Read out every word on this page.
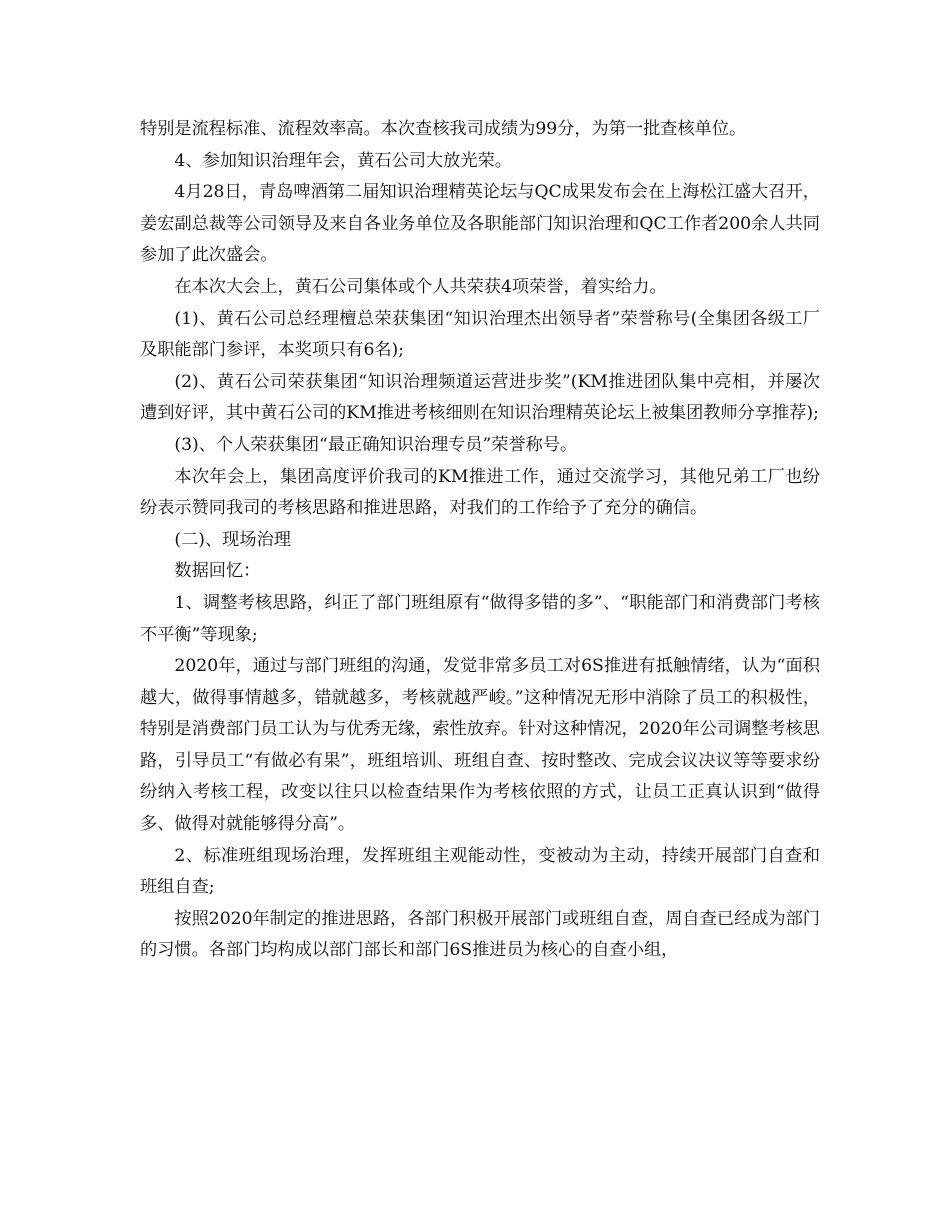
特别是流程标准、流程效率高。本次查核我司成绩为99分，为第一批查核单位。

4、参加知识治理年会，黄石公司大放光荣。

4月28日，青岛啤酒第二届知识治理精英论坛与QC成果发布会在上海松江盛大召开，姜宏副总裁等公司领导及来自各业务单位及各职能部门知识治理和QC工作者200余人共同参加了此次盛会。

在本次大会上，黄石公司集体或个人共荣获4项荣誉，着实给力。

(1)、黄石公司总经理檀总荣获集团“知识治理杰出领导者”荣誉称号(全集团各级工厂及职能部门参评，本奖项只有6名);

(2)、黄石公司荣获集团“知识治理频道运营进步奖”(KM推进团队集中亮相，并屡次遭到好评，其中黄石公司的KM推进考核细则在知识治理精英论坛上被集团教师分享推荐);

(3)、个人荣获集团“最正确知识治理专员”荣誉称号。

本次年会上，集团高度评价我司的KM推进工作，通过交流学习，其他兄弟工厂也纷纷表示赞同我司的考核思路和推进思路，对我们的工作给予了充分的确信。

(二)、现场治理

数据回忆：

1、调整考核思路，纠正了部门班组原有“做得多错的多”、“职能部门和消费部门考核不平衡”等现象;

2020年，通过与部门班组的沟通，发觉非常多员工对6S推进有抵触情绪，认为“面积越大，做得事情越多，错就越多，考核就越严峻。”这种情况无形中消除了员工的积极性，特别是消费部门员工认为与优秀无缘，索性放弃。针对这种情况，2020年公司调整考核思路，引导员工“有做必有果”，班组培训、班组自查、按时整改、完成会议决议等等要求纷纷纳入考核工程，改变以往只以检查结果作为考核依照的方式，让员工正真认识到“做得多、做得对就能够得分高”。

2、标准班组现场治理，发挥班组主观能动性，变被动为主动，持续开展部门自查和班组自查;

按照2020年制定的推进思路，各部门积极开展部门或班组自查，周自查已经成为部门的习惯。各部门均构成以部门部长和部门6S推进员为核心的自查小组，
